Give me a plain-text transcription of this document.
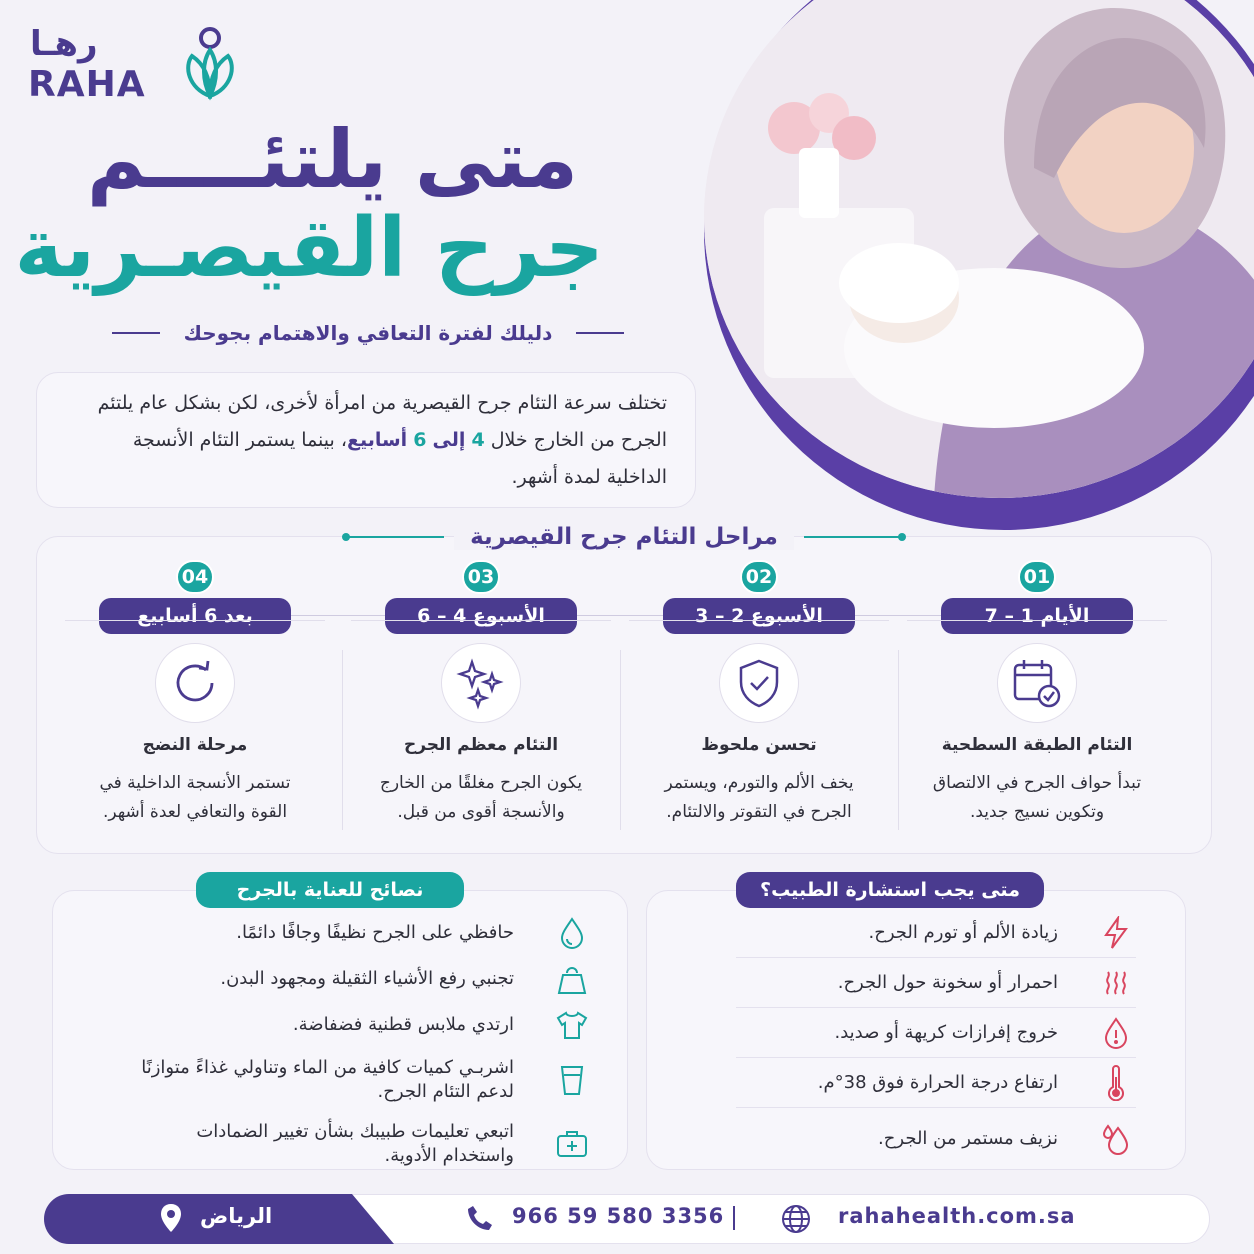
رهـا
RAHA
متى يلتئــــم
جرح القيصـرية
دليلك لفترة التعافي والاهتمام بجوحك
تختلف سرعة التئام جرح القيصرية من امرأة لأخرى، لكن بشكل عام يلتئم الجرح من الخارج خلال 4 إلى 6 أسابيع، بينما يستمر التئام الأنسجة الداخلية لمدة أشهر.
مراحل التئام جرح القيصرية
01
الأيام 1 – 7
التئام الطبقة السطحية
تبدأ حواف الجرح في الالتصاق
وتكوين نسيج جديد.
02
الأسبوع 2 – 3
تحسن ملحوظ
يخف الألم والتورم، ويستمر
الجرح في التقوتر والالتئام.
03
الأسبوع 4 – 6
التئام معظم الجرح
يكون الجرح مغلقًا من الخارج
والأنسجة أقوى من قبل.
04
بعد 6 أسابيع
مرحلة النضج
تستمر الأنسجة الداخلية في
القوة والتعافي لعدة أشهر.
متى يجب استشارة الطبيب؟
زيادة الألم أو تورم الجرح.
احمرار أو سخونة حول الجرح.
خروج إفرازات كريهة أو صديد.
ارتفاع درجة الحرارة فوق 38°م.
نزيف مستمر من الجرح.
نصائح للعناية بالجرح
حافظي على الجرح نظيفًا وجافًا دائمًا.
تجنبي رفع الأشياء الثقيلة ومجهود البدن.
ارتدي ملابس قطنية فضفاضة.
اشربـي كميات كافية من الماء وتناولي غذاءً متوازنًا
لدعم التئام الجرح.
اتبعي تعليمات طبيبك بشأن تغيير الضمادات
واستخدام الأدوية.
الرياض	966 59 580 3356	rahahealth.com.sa
